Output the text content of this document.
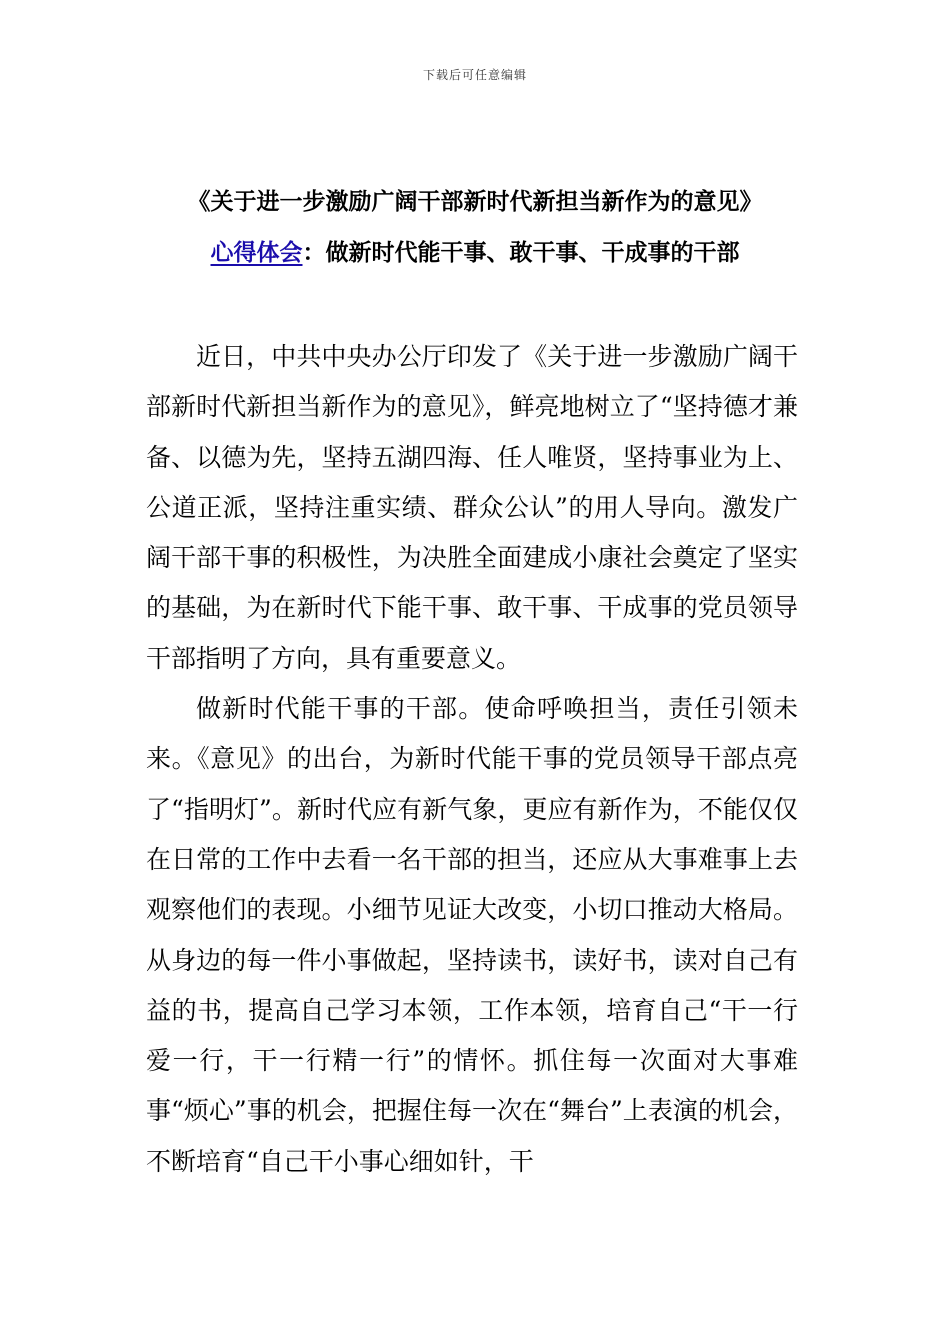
下载后可任意编辑
《关于进一步激励广阔干部新时代新担当新作为的意见》
心得体会：做新时代能干事、敢干事、干成事的干部

近日，中共中央办公厅印发了《关于进一步激励广阔干部新时代新担当新作为的意见》，鲜亮地树立了“坚持德才兼备、以德为先，坚持五湖四海、任人唯贤，坚持事业为上、公道正派，坚持注重实绩、群众公认”的用人导向。激发广阔干部干事的积极性，为决胜全面建成小康社会奠定了坚实的基础，为在新时代下能干事、敢干事、干成事的党员领导干部指明了方向，具有重要意义。

做新时代能干事的干部。使命呼唤担当，责任引领未来。《意见》的出台，为新时代能干事的党员领导干部点亮了“指明灯”。新时代应有新气象，更应有新作为，不能仅仅在日常的工作中去看一名干部的担当，还应从大事难事上去观察他们的表现。小细节见证大改变，小切口推动大格局。从身边的每一件小事做起，坚持读书，读好书，读对自己有益的书，提高自己学习本领，工作本领，培育自己“干一行爱一行，干一行精一行”的情怀。抓住每一次面对大事难事“烦心”事的机会，把握住每一次在“舞台”上表演的机会，不断培育“自己干小事心细如针，干
